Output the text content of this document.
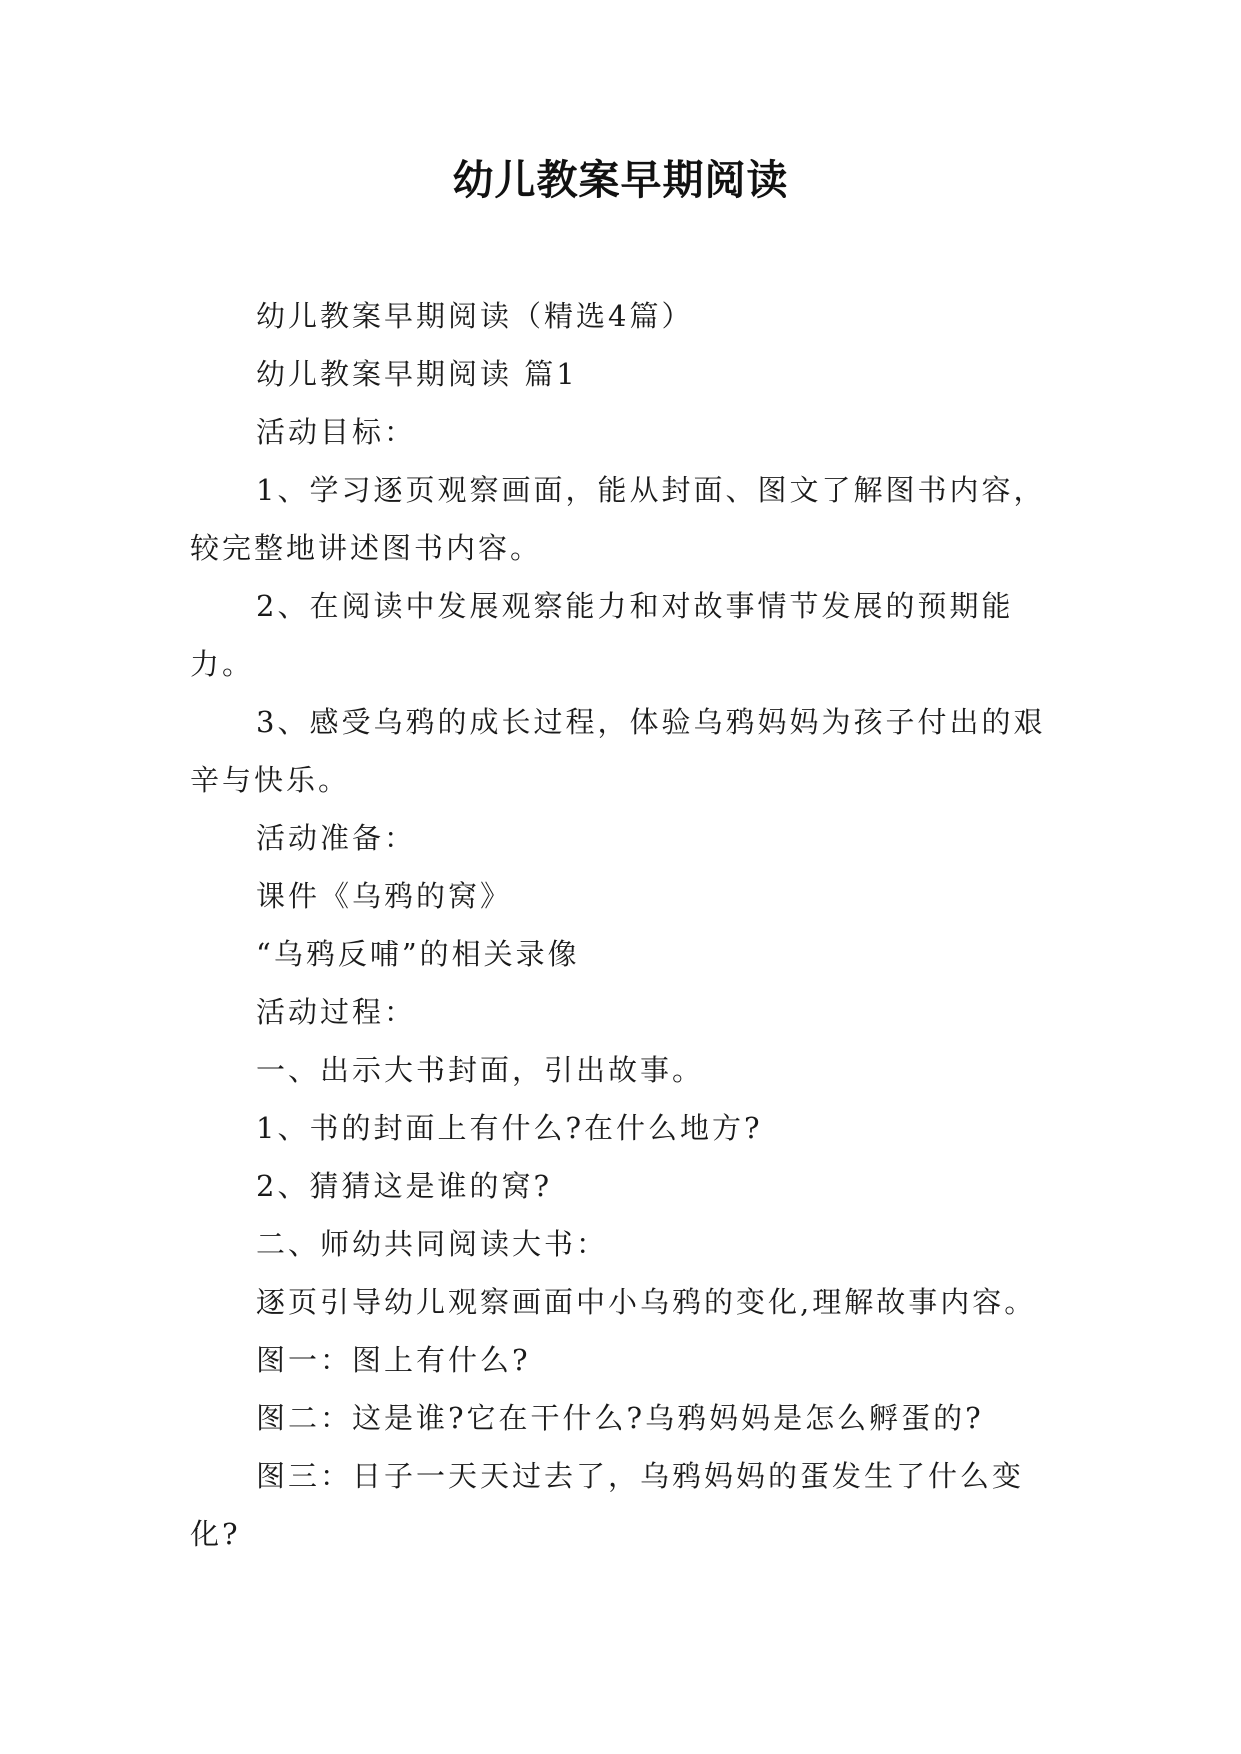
幼儿教案早期阅读

幼儿教案早期阅读（精选4篇）

幼儿教案早期阅读 篇1

活动目标：

1、学习逐页观察画面，能从封面、图文了解图书内容，较完整地讲述图书内容。

2、在阅读中发展观察能力和对故事情节发展的预期能力。

3、感受乌鸦的成长过程，体验乌鸦妈妈为孩子付出的艰辛与快乐。

活动准备：

课件《乌鸦的窝》

“乌鸦反哺”的相关录像

活动过程：

一、出示大书封面，引出故事。

1、书的封面上有什么?在什么地方?

2、猜猜这是谁的窝?

二、师幼共同阅读大书：

逐页引导幼儿观察画面中小乌鸦的变化,理解故事内容。

图一：图上有什么?

图二：这是谁?它在干什么?乌鸦妈妈是怎么孵蛋的?

图三：日子一天天过去了，乌鸦妈妈的蛋发生了什么变化?
